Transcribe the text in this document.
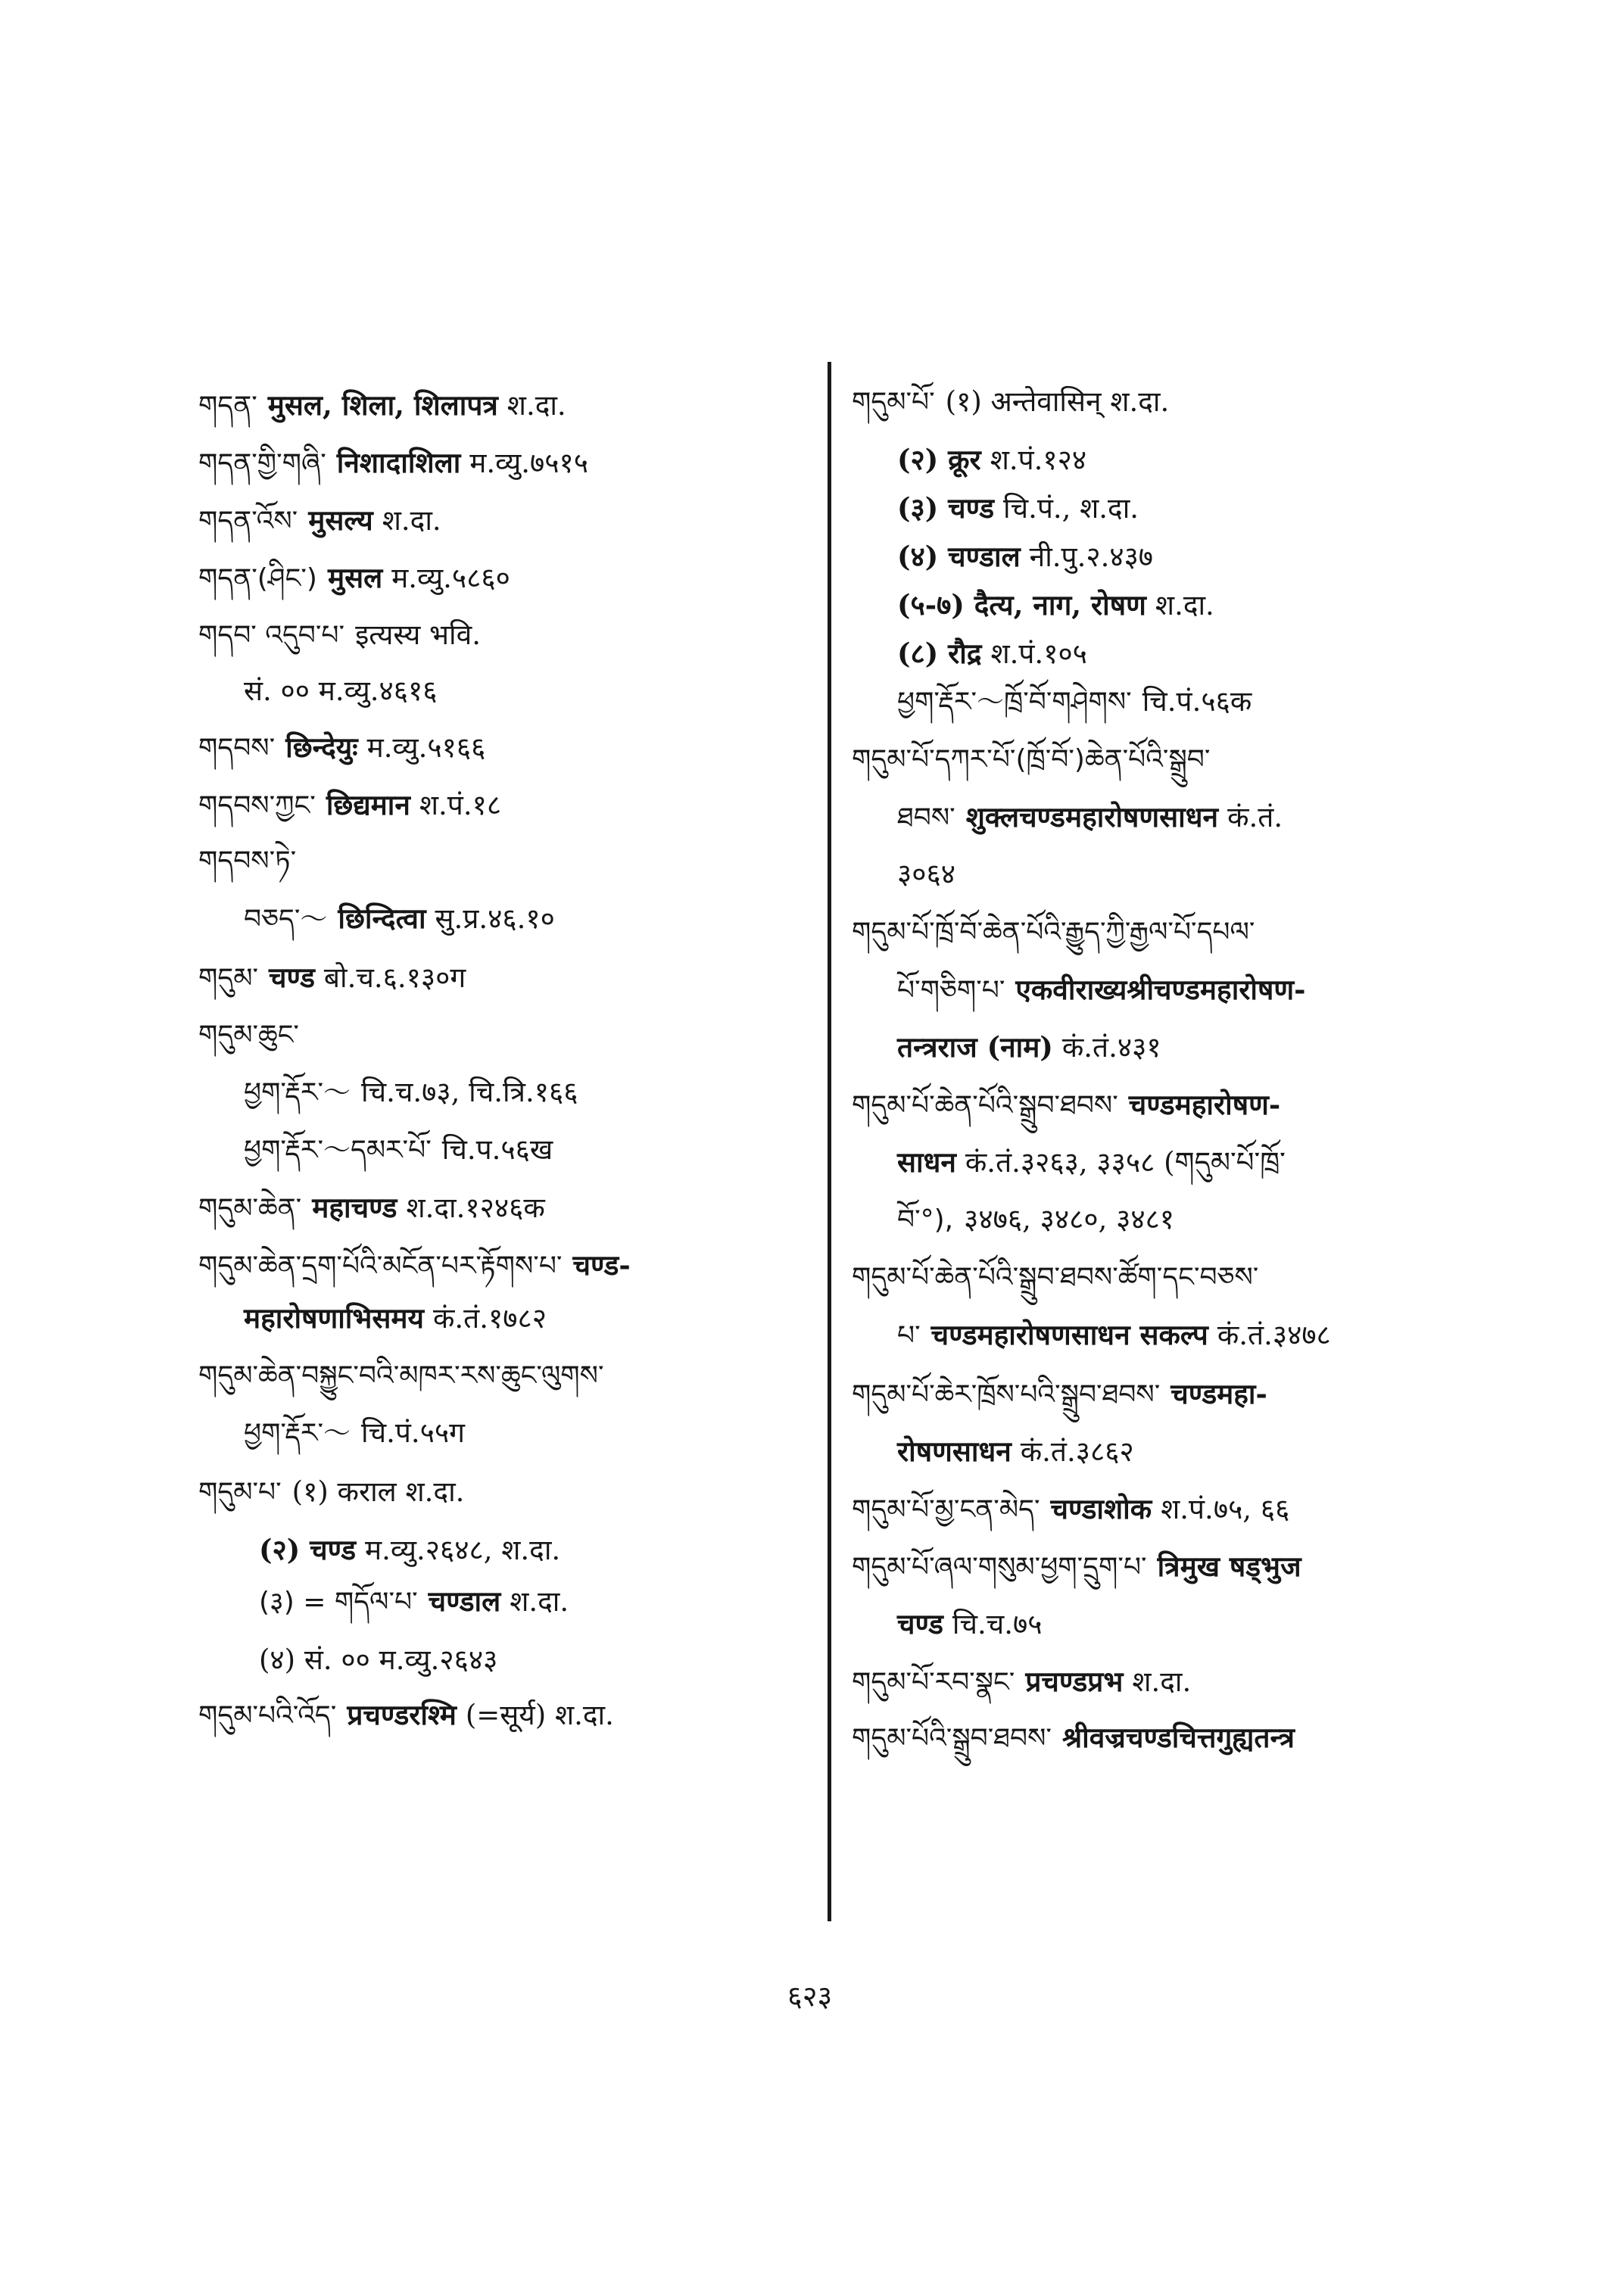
གདན་ मुसल, शिला, शिलापत्र श.दा.
གདན་གྱི་གཞི་ निशादाशिला म.व्यु.७५१५
གདན་འོས་ मुसल्य श.दा.
གདན་(ཤིང་) मुसल म.व्यु.५८६०
གདབ་ འདུབ་པ་ इत्यस्य भवि.
सं. ०० म.व्यु.४६१६
གདབས་ छिन्देयुः म.व्यु.५१६६
གདབས་ཀྱང་ छिद्यमान श.पं.१८
གདབས་ཏེ་
བཅད་～ छिन्दित्वा सु.प्र.४६.१०
གདུམ་ चण्ड बो.च.६.१३०ग
གདུམ་ཆུང་
ཕྱག་རྡོར་～ चि.च.७३, चि.त्रि.१६६
ཕྱག་རྡོར་～དམར་པོ་ चि.प.५६ख
གདུམ་ཆེན་ महाचण्ड श.दा.१२४६क
གདུམ་ཆེན་དྲག་པོའི་མངོན་པར་རྟོགས་པ་ चण्ड-
महारोषणाभिसमय कं.तं.१७८२
གདུམ་ཆེན་བསྐྱུང་བའི་མཁར་རས་ཆུང་ལུགས་
ཕྱག་རྡོར་～ चि.पं.५५ग
གདུམ་པ་ (१) कराल श.दा.
(२) चण्ड म.व्यु.२६४८, श.दा.
(३) = གདོལ་པ་ चण्डाल श.दा.
(४) सं. ०० म.व्यु.२६४३
གདུམ་པའི་འོད་ प्रचण्डरश्मि (=सूर्य) श.दा.
གདུམ་པོ་ (१) अन्तेवासिन् श.दा.
(२) क्रूर श.पं.१२४
(३) चण्ड चि.पं., श.दा.
(४) चण्डाल नी.पु.२.४३७
(५-७) दैत्य, नाग, रोषण श.दा.
(८) रौद्र श.पं.१०५
ཕྱག་རྡོར་～ཁྲོ་བོ་གཤེགས་ चि.पं.५६क
གདུམ་པོ་དཀར་པོ་(ཁྲོ་བོ་)ཆེན་པོའི་སྒྲུབ་
ཐབས་ शुक्लचण्डमहारोषणसाधन कं.तं.
३०६४
གདུམ་པོ་ཁྲོ་བོ་ཆེན་པོའི་རྒྱུད་ཀྱི་རྒྱལ་པོ་དཔལ་
པོ་གཅིག་པ་ एकवीराख्यश्रीचण्डमहारोषण-
तन्त्रराज (नाम) कं.तं.४३१
གདུམ་པོ་ཆེན་པོའི་སྒྲུབ་ཐབས་ चण्डमहारोषण-
साधन कं.तं.३२६३, ३३५८ (གདུམ་པོ་ཁྲོ་
བོ་°), ३४७६, ३४८०, ३४८१
གདུམ་པོ་ཆེན་པོའི་སྒྲུབ་ཐབས་ཚོག་དང་བཅས་
པ་ चण्डमहारोषणसाधन सकल्प कं.तं.३४७८
གདུམ་པོ་ཆེར་ཁྲོས་པའི་སྒྲུབ་ཐབས་ चण्डमहा-
रोषणसाधन कं.तं.३८६२
གདུམ་པོ་མྱ་ངན་མེད་ चण्डाशोक श.पं.७५, ६६
གདུམ་པོ་ཞལ་གསུམ་ཕྱག་དྲུག་པ་ त्रिमुख षड्भुज
चण्ड चि.च.७५
གདུམ་པོ་རབ་སྣང་ प्रचण्डप्रभ श.दा.
གདུམ་པོའི་སྒྲུབ་ཐབས་ श्रीवज्रचण्डचित्तगुह्यतन्त्र
६२३
